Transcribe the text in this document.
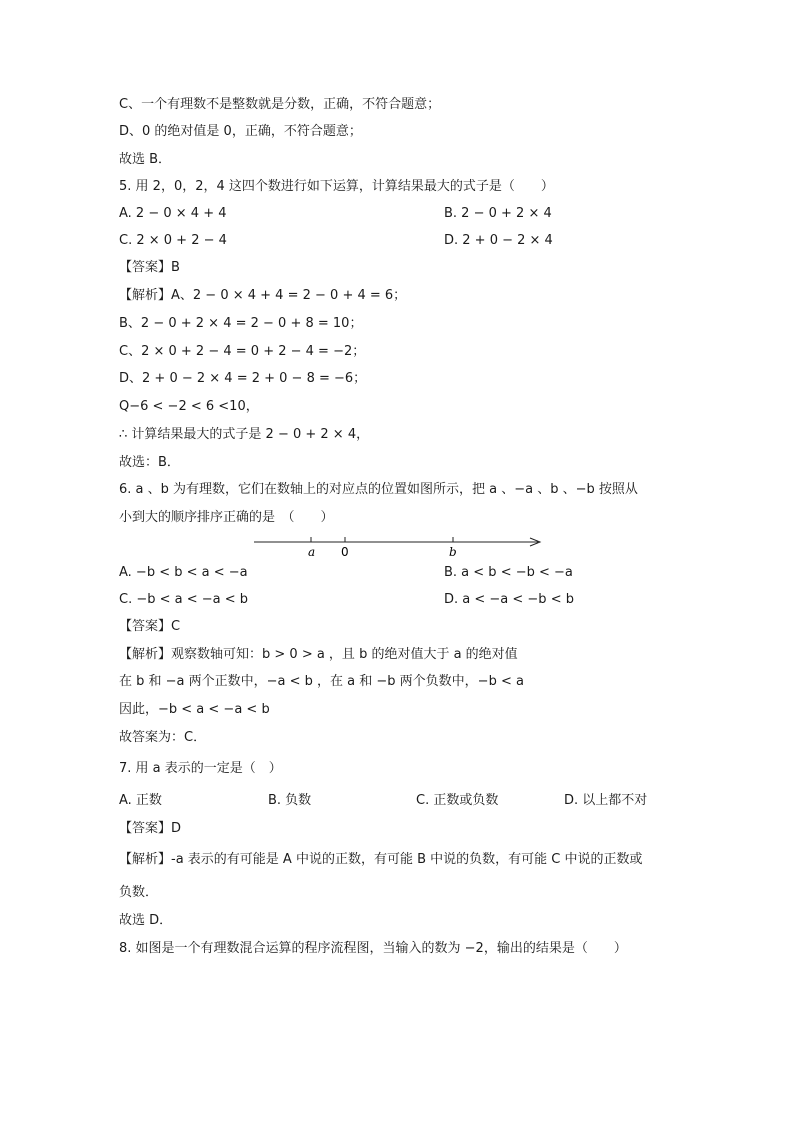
C、一个有理数不是整数就是分数，正确，不符合题意；
D、0 的绝对值是 0，正确，不符合题意；
故选 B．
5. 用 2，0，2，4 这四个数进行如下运算，计算结果最大的式子是（　　）
A. 2 − 0 × 4 + 4	B. 2 − 0 + 2 × 4
C. 2 × 0 + 2 − 4	D. 2 + 0 − 2 × 4
【答案】B
【解析】A、2 − 0 × 4 + 4 = 2 − 0 + 4 = 6；
B、2 − 0 + 2 × 4 = 2 − 0 + 8 = 10；
C、2 × 0 + 2 − 4 = 0 + 2 − 4 = −2；
D、2 + 0 − 2 × 4 = 2 + 0 − 8 = −6；
Q−6 < −2 < 6 <10，
∴ 计算结果最大的式子是 2 − 0 + 2 × 4，
故选：B．
6. a 、b 为有理数，它们在数轴上的对应点的位置如图所示，把 a 、−a 、b 、−b 按照从
小到大的顺序排序正确的是　（　　）
a 0	b
A. −b < b < a < −a	B. a < b < −b < −a
C. −b < a < −a < b	D. a < −a < −b < b
【答案】C
【解析】观察数轴可知：b > 0 > a ，且 b 的绝对值大于 a 的绝对值
在 b 和 −a 两个正数中，−a < b ，在 a 和 −b 两个负数中，−b < a
因此，−b < a < −a < b
故答案为：C．
7. 用 a 表示的一定是（　）
A. 正数	B. 负数	C. 正数或负数	D. 以上都不对
【答案】D
【解析】-a 表示的有可能是 A 中说的正数，有可能 B 中说的负数，有可能 C 中说的正数或
负数．
故选 D．
8. 如图是一个有理数混合运算的程序流程图，当输入的数为 −2，输出的结果是（　　）
